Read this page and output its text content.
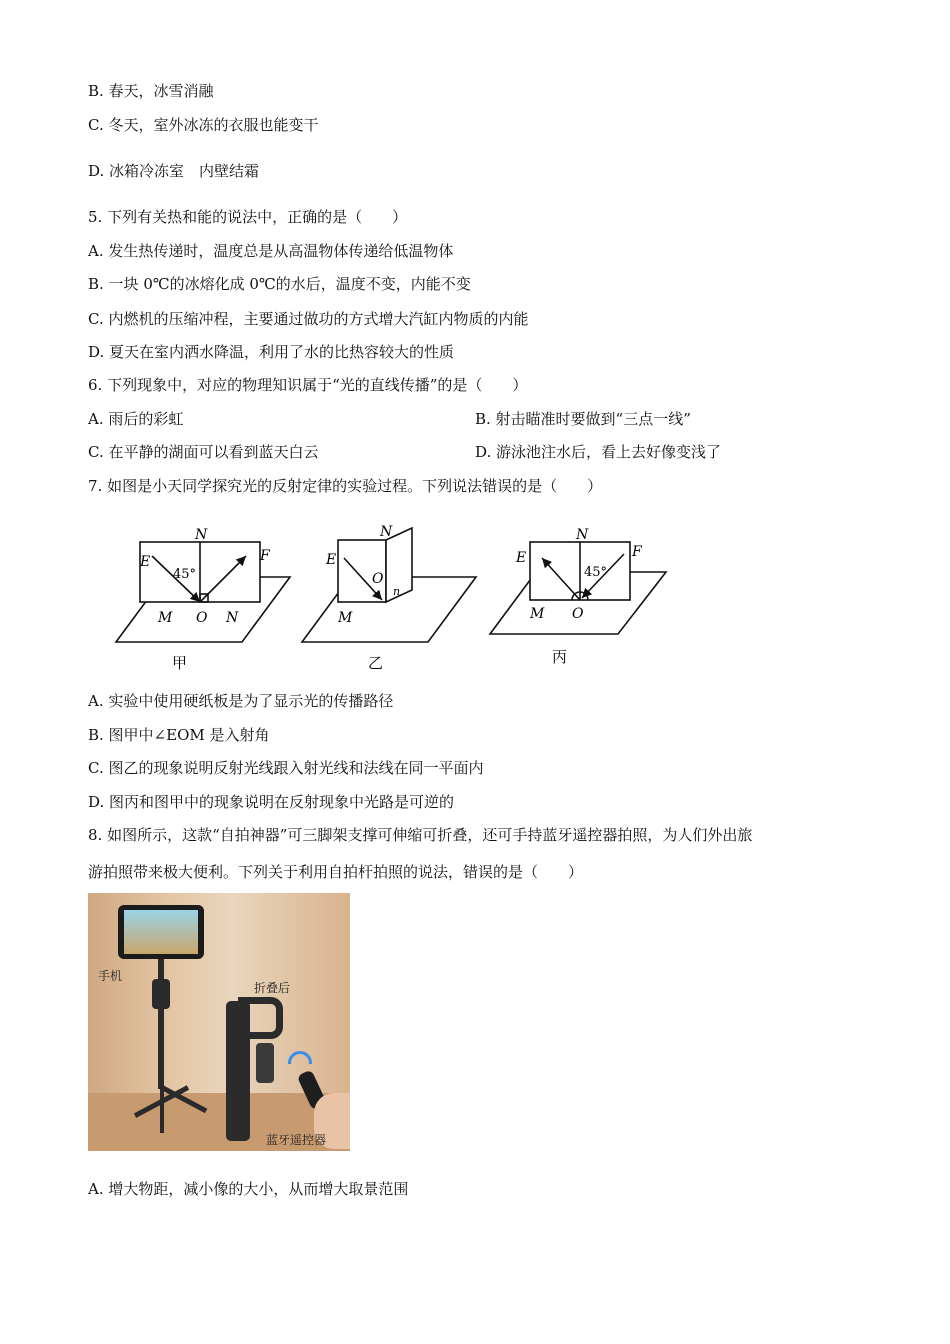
B. 春天，冰雪消融
C. 冬天，室外冰冻的衣服也能变干
D. 冰箱冷冻室　内壁结霜
5. 下列有关热和能的说法中，正确的是（　　）
A. 发生热传递时，温度总是从高温物体传递给低温物体
B. 一块 0℃的冰熔化成 0℃的水后，温度不变，内能不变
C. 内燃机的压缩冲程，主要通过做功的方式增大汽缸内物质的内能
D. 夏天在室内洒水降温，利用了水的比热容较大的性质
6. 下列现象中，对应的物理知识属于“光的直线传播”的是（　　）
A. 雨后的彩虹	B. 射击瞄准时要做到“三点一线”
C. 在平静的湖面可以看到蓝天白云	D. 游泳池注水后，看上去好像变浅了
7. 如图是小天同学探究光的反射定律的实验过程。下列说法错误的是（　　）
N
E
45°
F
M O N
甲
N
E
O
n
M
乙
E
N
45°
F
M O
丙
A. 实验中使用硬纸板是为了显示光的传播路径
B. 图甲中∠EOM 是入射角
C. 图乙的现象说明反射光线跟入射光线和法线在同一平面内
D. 图丙和图甲中的现象说明在反射现象中光路是可逆的
8. 如图所示，这款“自拍神器”可三脚架支撑可伸缩可折叠，还可手持蓝牙遥控器拍照，为人们外出旅
游拍照带来极大便利。下列关于利用自拍杆拍照的说法，错误的是（　　）
手机
折叠后
蓝牙遥控器
A. 增大物距，减小像的大小，从而增大取景范围
